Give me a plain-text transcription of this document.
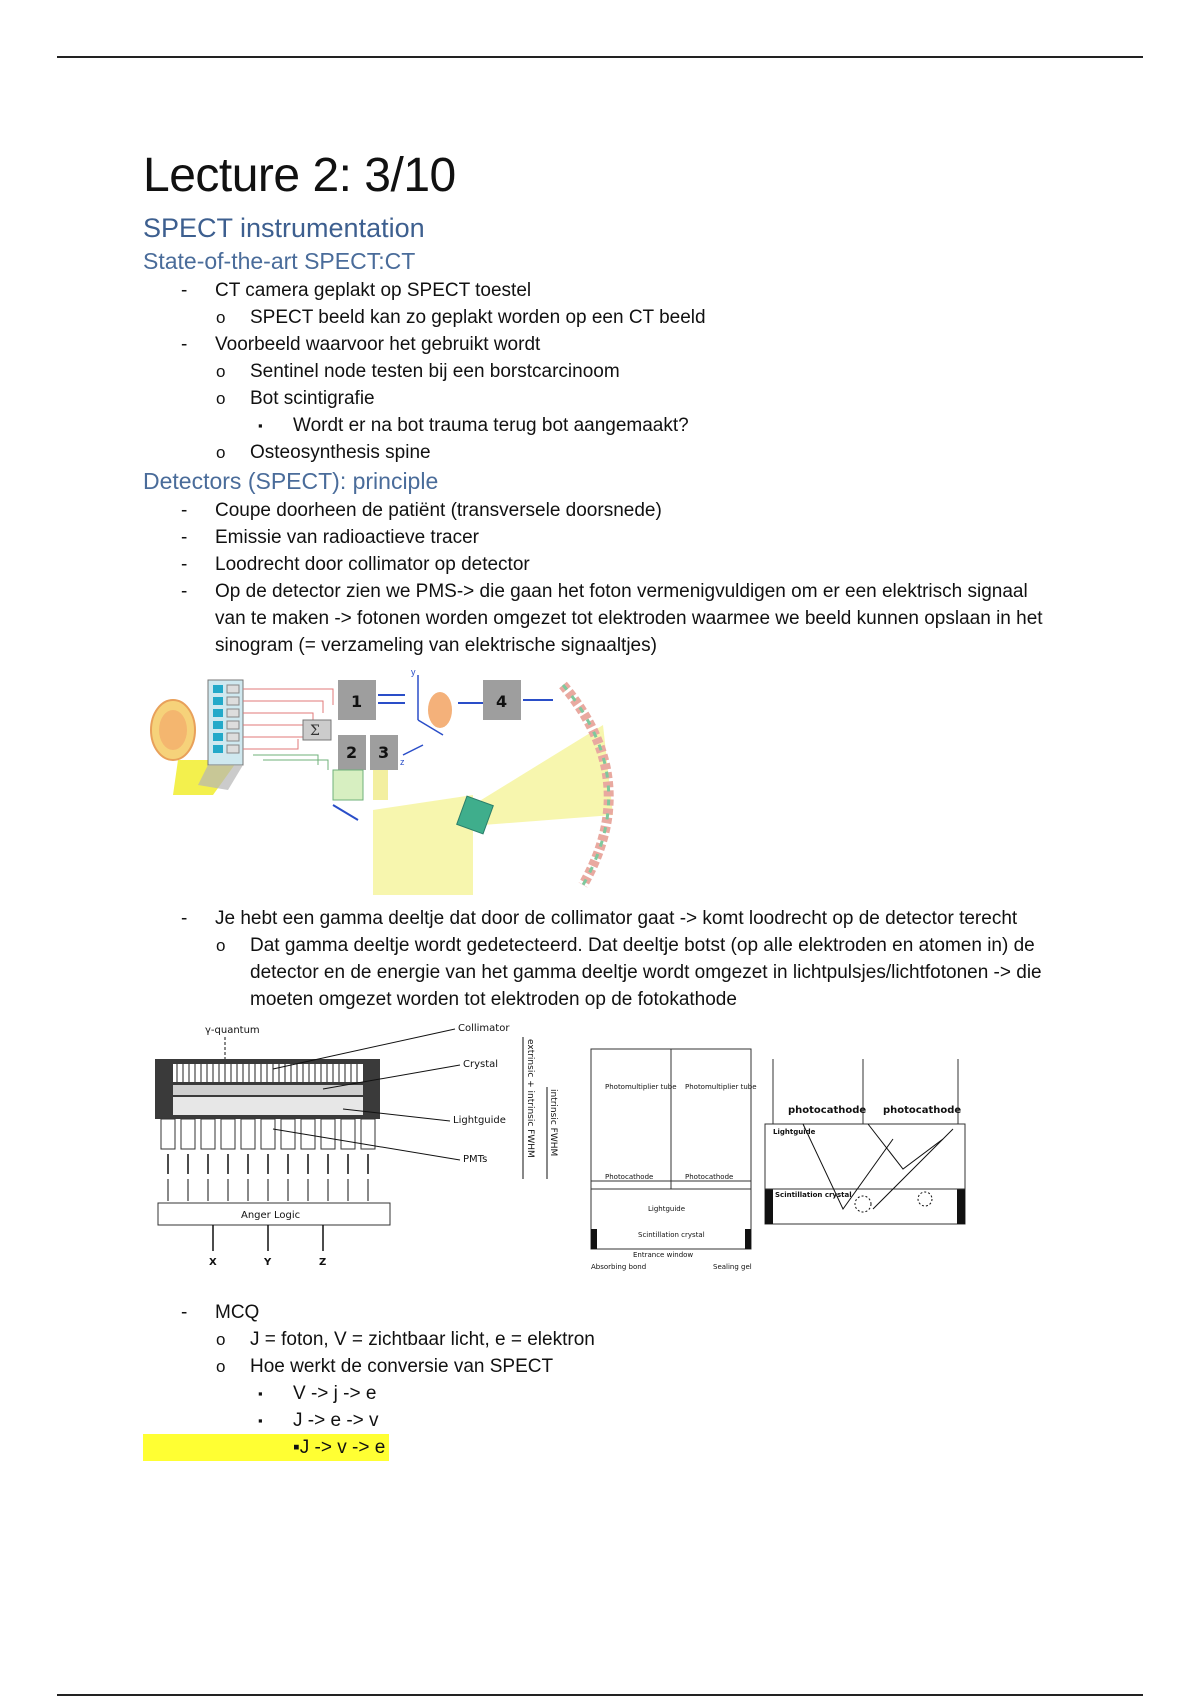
Lecture 2: 3/10
SPECT instrumentation
State-of-the-art SPECT:CT
- CT camera geplakt op SPECT toestel
o SPECT beeld kan zo geplakt worden op een CT beeld
- Voorbeeld waarvoor het gebruikt wordt
o Sentinel node testen bij een borstcarcinoom
o Bot scintigrafie
▪ Wordt er na bot trauma terug bot aangemaakt?
o Osteosynthesis spine
Detectors (SPECT): principle
- Coupe doorheen de patiënt (transversele doorsnede)
- Emissie van radioactieve tracer
- Loodrecht door collimator op detector
- Op de detector zien we PMS-> die gaan het foton vermenigvuldigen om er een elektrisch signaal van te maken -> fotonen worden omgezet tot elektroden waarmee we beeld kunnen opslaan in het sinogram (= verzameling van elektrische signaaltjes)
Σ
1
2 3
y
z
4
- Je hebt een gamma deeltje dat door de collimator gaat -> komt loodrecht op de detector terecht
o Dat gamma deeltje wordt gedetecteerd. Dat deeltje botst (op alle elektroden en atomen in) de detector en de energie van het gamma deeltje wordt omgezet in lichtpulsjes/lichtfotonen -> die moeten omgezet worden tot elektroden op de fotokathode
γ-quantum
Anger Logic
X	Y	Z
Collimator
Crystal
Lightguide
PMTs
extrinsic + intrinsic FWHM intrinsic FWHM
Photomultiplier tube Photomultiplier tube
Photocathode	Photocathode
Lightguide
Scintillation crystal
Entrance window
Absorbing bond	Sealing gel
photocathode photocathode
Lightguide
Scintillation crystal
- MCQ
o J = foton, V = zichtbaar licht, e = elektron
o Hoe werkt de conversie van SPECT
▪ V -> j -> e
▪ J -> e -> v
▪J -> v -> e
